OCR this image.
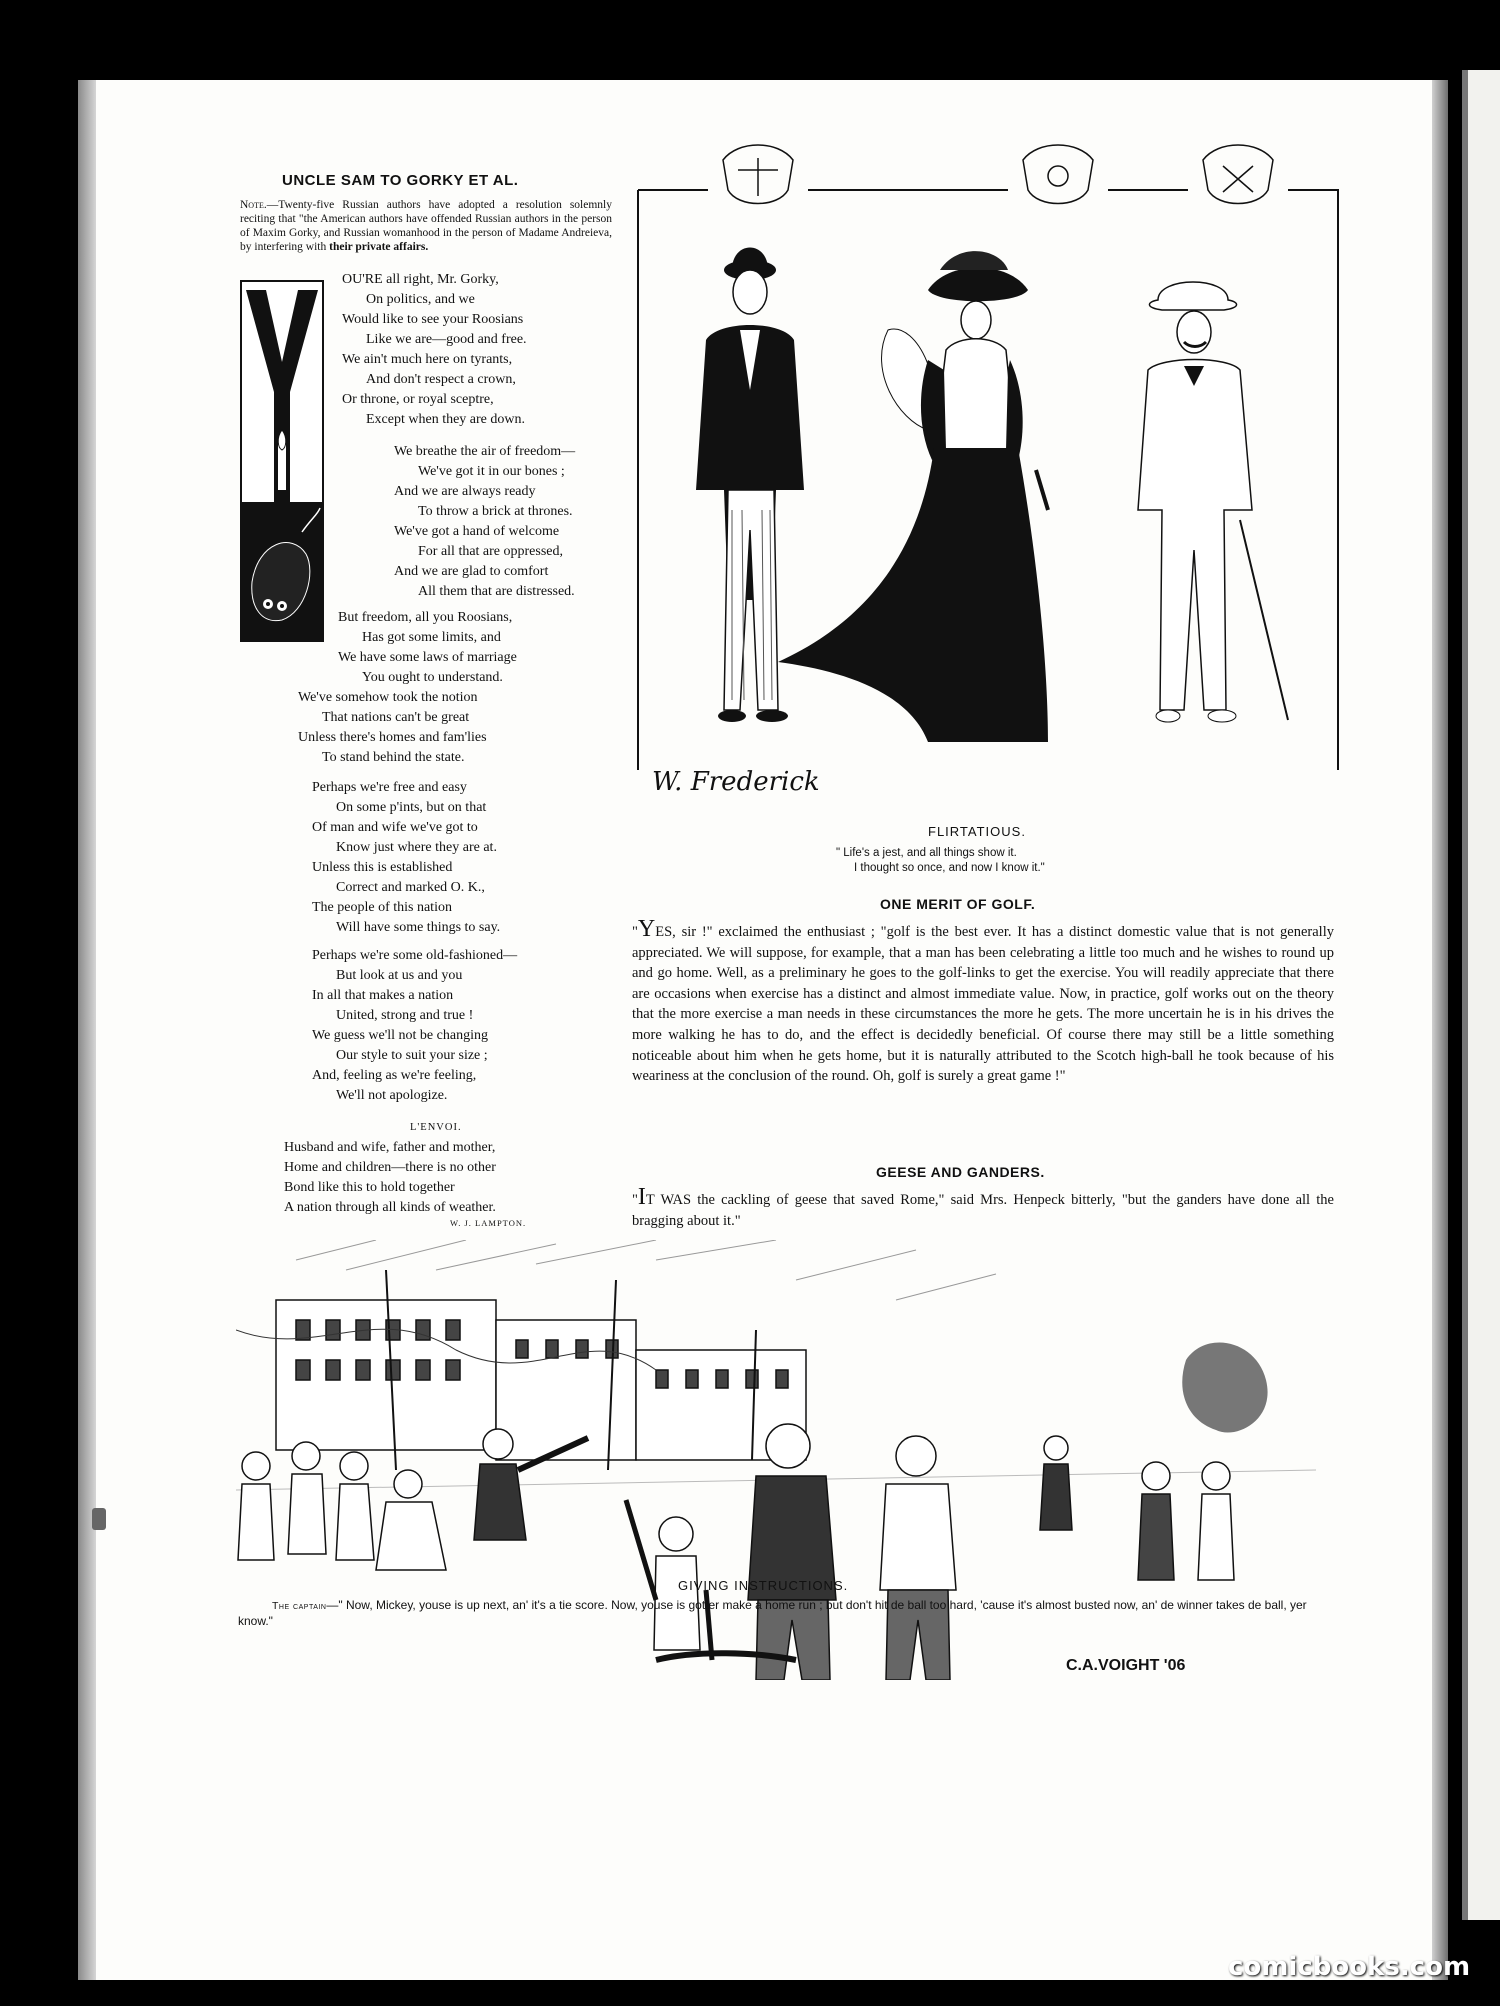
UNCLE SAM TO GORKY ET AL.
Note.—Twenty-five Russian authors have adopted a resolution solemnly reciting that "the American authors have offended Russian authors in the person of Maxim Gorky, and Russian womanhood in the person of Madame Andreieva, by interfering with their private affairs.
OU'RE all right, Mr. Gorky,
On politics, and we
Would like to see your Roosians
Like we are—good and free.
We ain't much here on tyrants,
And don't respect a crown,
Or throne, or royal sceptre,
Except when they are down.
We breathe the air of freedom—
We've got it in our bones ;
And we are always ready
To throw a brick at thrones.
We've got a hand of welcome
For all that are oppressed,
And we are glad to comfort
All them that are distressed.
But freedom, all you Roosians,
Has got some limits, and
We have some laws of marriage
You ought to understand.
We've somehow took the notion
That nations can't be great
Unless there's homes and fam'lies
To stand behind the state.
Perhaps we're free and easy
On some p'ints, but on that
Of man and wife we've got to
Know just where they are at.
Unless this is established
Correct and marked O. K.,
The people of this nation
Will have some things to say.
Perhaps we're some old-fashioned—
But look at us and you
In all that makes a nation
United, strong and true !
We guess we'll not be changing
Our style to suit your size ;
And, feeling as we're feeling,
We'll not apologize.
L'ENVOI.
Husband and wife, father and mother,
Home and children—there is no other
Bond like this to hold together
A nation through all kinds of weather.
W. J. LAMPTON.
W. Frederick
FLIRTATIOUS.
" Life's a jest, and all things show it.
I thought so once, and now I know it."
ONE MERIT OF GOLF.
"YES, sir !" exclaimed the enthusiast ; "golf is the best ever. It has a distinct domestic value that is not generally appreciated. We will suppose, for example, that a man has been celebrating a little too much and he wishes to round up and go home. Well, as a preliminary he goes to the golf-links to get the exercise. You will readily appreciate that there are occasions when exercise has a distinct and almost immediate value. Now, in practice, golf works out on the theory that the more exercise a man needs in these circumstances the more he gets. The more uncertain he is in his drives the more walking he has to do, and the effect is decidedly beneficial. Of course there may still be a little something noticeable about him when he gets home, but it is naturally attributed to the Scotch high-ball he took because of his weariness at the conclusion of the round. Oh, golf is surely a great game !"
GEESE AND GANDERS.
"IT WAS the cackling of geese that saved Rome," said Mrs. Henpeck bitterly, "but the ganders have done all the bragging about it."
C.A.VOIGHT '06
GIVING INSTRUCTIONS.
The captain—" Now, Mickey, youse is up next, an' it's a tie score. Now, youse is gotter make a home run ; but don't hit de ball too hard, 'cause it's almost busted now, an' de winner takes de ball, yer know."
comicbooks.com
